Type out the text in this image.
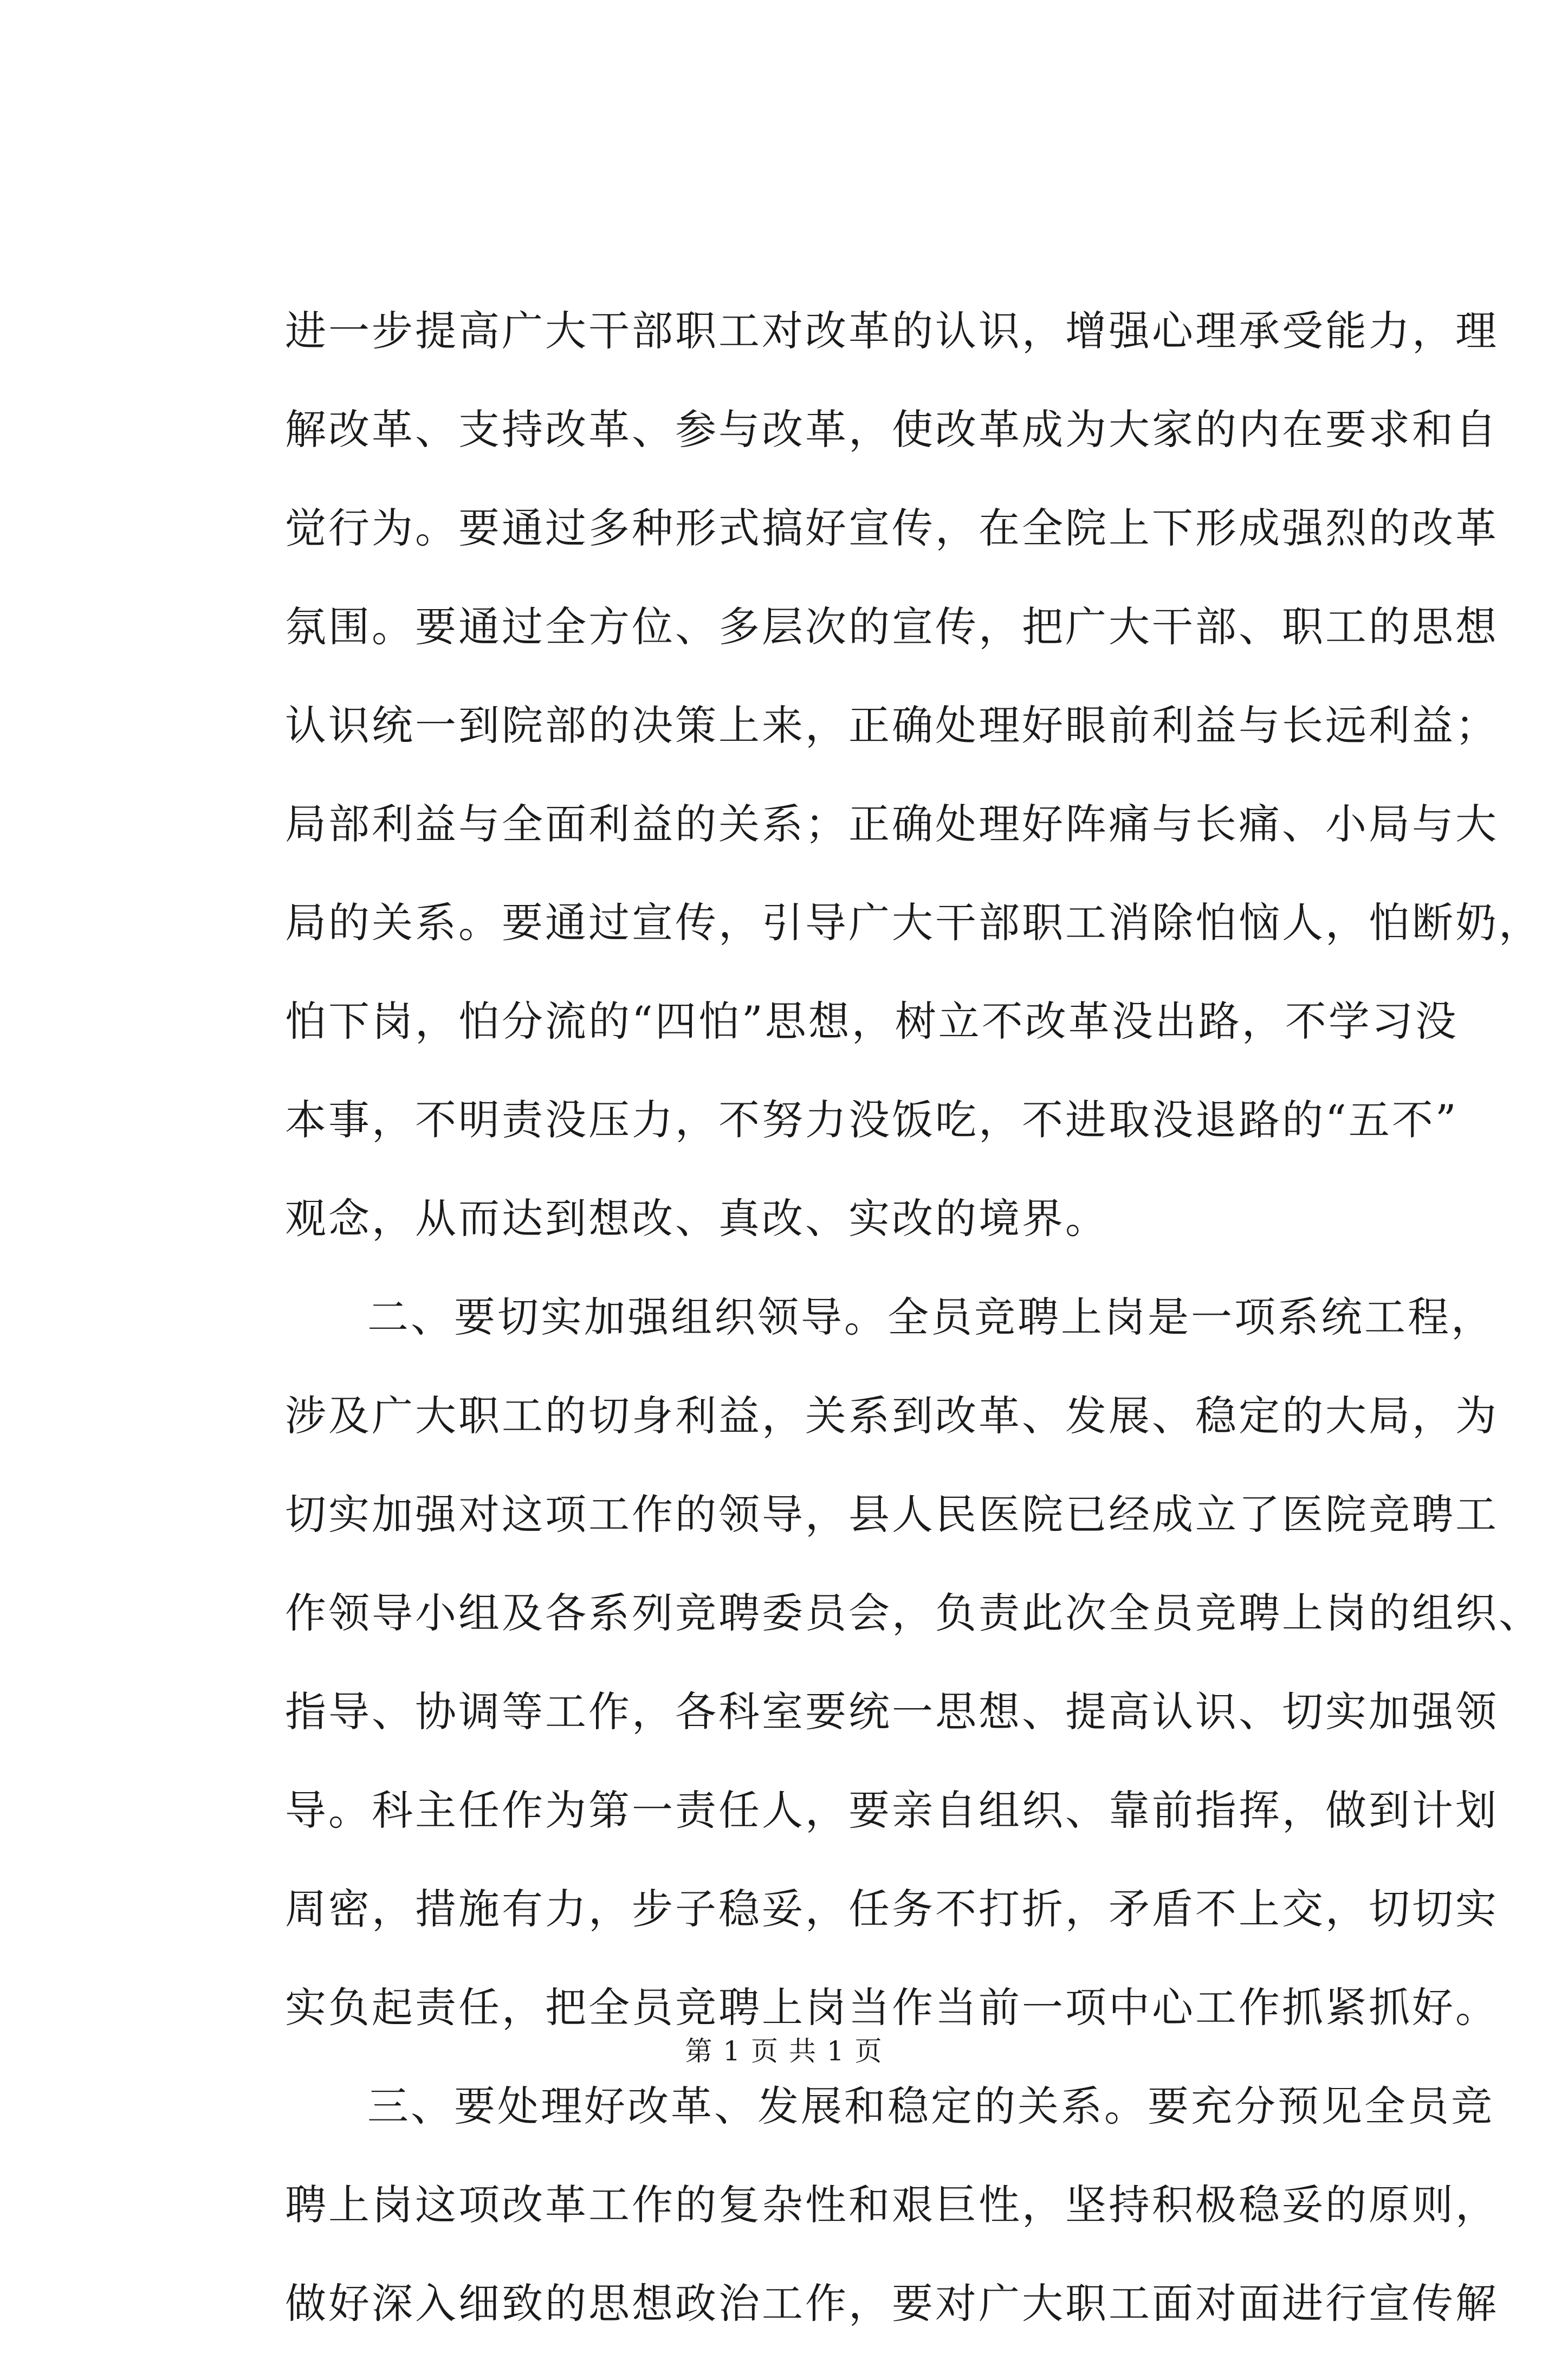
进一步提高广大干部职工对改革的认识，增强心理承受能力，理
解改革、支持改革、参与改革，使改革成为大家的内在要求和自
觉行为。要通过多种形式搞好宣传，在全院上下形成强烈的改革
氛围。要通过全方位、多层次的宣传，把广大干部、职工的思想
认识统一到院部的决策上来，正确处理好眼前利益与长远利益；
局部利益与全面利益的关系；正确处理好阵痛与长痛、小局与大
局的关系。要通过宣传，引导广大干部职工消除怕恼人，怕断奶，
怕下岗，怕分流的“四怕”思想，树立不改革没出路，不学习没
本事，不明责没压力，不努力没饭吃，不进取没退路的“五不”
观念，从而达到想改、真改、实改的境界。
二、要切实加强组织领导。全员竞聘上岗是一项系统工程，
涉及广大职工的切身利益，关系到改革、发展、稳定的大局，为
切实加强对这项工作的领导，县人民医院已经成立了医院竞聘工
作领导小组及各系列竞聘委员会，负责此次全员竞聘上岗的组织、
指导、协调等工作，各科室要统一思想、提高认识、切实加强领
导。科主任作为第一责任人，要亲自组织、靠前指挥，做到计划
周密，措施有力，步子稳妥，任务不打折，矛盾不上交，切切实
实负起责任，把全员竞聘上岗当作当前一项中心工作抓紧抓好。
三、要处理好改革、发展和稳定的关系。要充分预见全员竞
聘上岗这项改革工作的复杂性和艰巨性，坚持积极稳妥的原则，
做好深入细致的思想政治工作，要对广大职工面对面进行宣传解
第 1 页 共 1 页
